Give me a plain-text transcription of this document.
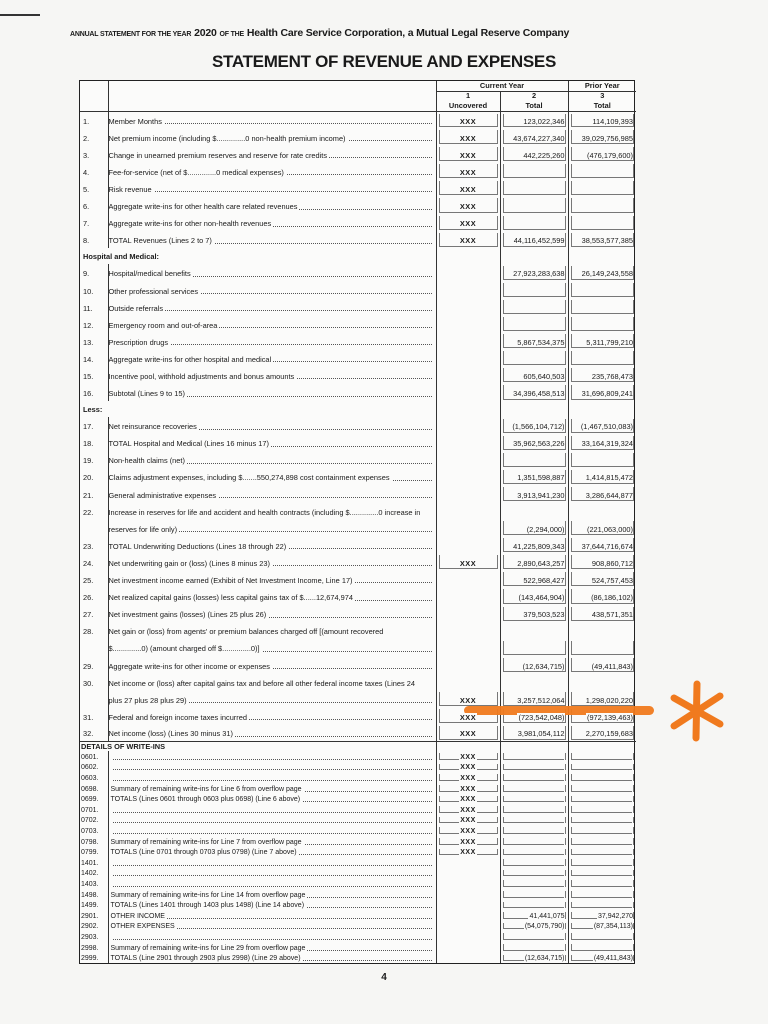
ANNUAL STATEMENT FOR THE YEAR 2020 OF THE Health Care Service Corporation, a Mutual Legal Reserve Company
STATEMENT OF REVENUE AND EXPENSES
		Current Year		Prior Year
		1	2	3
		Uncovered	Total	Total
1.	Member Months	XXX	123,022,346	114,109,393
2.	Net premium income (including $..............0 non-health premium income)	XXX	43,674,227,340	39,029,756,985
3.	Change in unearned premium reserves and reserve for rate credits	XXX	442,225,260	(476,179,600)
4.	Fee-for-service (net of $..............0 medical expenses)	XXX		
5.	Risk revenue	XXX		
6.	Aggregate write-ins for other health care related revenues	XXX		
7.	Aggregate write-ins for other non-health revenues	XXX		
8.	TOTAL Revenues (Lines 2 to 7)	XXX	44,116,452,599	38,553,577,385
Hospital and Medical:				
9.	Hospital/medical benefits		27,923,283,638	26,149,243,558
10.	Other professional services			
11.	Outside referrals			
12.	Emergency room and out-of-area			
13.	Prescription drugs		5,867,534,375	5,311,799,210
14.	Aggregate write-ins for other hospital and medical			
15.	Incentive pool, withhold adjustments and bonus amounts		605,640,503	235,768,473
16.	Subtotal (Lines 9 to 15)		34,396,458,513	31,696,809,241
Less:				
17.	Net reinsurance recoveries		(1,566,104,712)	(1,467,510,083)
18.	TOTAL Hospital and Medical (Lines 16 minus 17)		35,962,563,226	33,164,319,324
19.	Non-health claims (net)			
20.	Claims adjustment expenses, including $.......550,274,898 cost containment expenses		1,351,598,887	1,414,815,472
21.	General administrative expenses		3,913,941,230	3,286,644,877
22.	Increase in reserves for life and accident and health contracts (including $..............0 increase in			
	reserves for life only)		(2,294,000)	(221,063,000)
23.	TOTAL Underwriting Deductions (Lines 18 through 22)		41,225,809,343	37,644,716,674
24.	Net underwriting gain or (loss) (Lines 8 minus 23)	XXX	2,890,643,257	908,860,712
25.	Net investment income earned (Exhibit of Net Investment Income, Line 17)		522,968,427	524,757,453
26.	Net realized capital gains (losses) less capital gains tax of $......12,674,974		(143,464,904)	(86,186,102)
27.	Net investment gains (losses) (Lines 25 plus 26)		379,503,523	438,571,351
28.	Net gain or (loss) from agents' or premium balances charged off [(amount recovered			
	$..............0) (amount charged off $..............0)]			
29.	Aggregate write-ins for other income or expenses		(12,634,715)	(49,411,843)
30.	Net income or (loss) after capital gains tax and before all other federal income taxes (Lines 24			
	plus 27 plus 28 plus 29)	XXX	3,257,512,064	1,298,020,220
31.	Federal and foreign income taxes incurred	XXX	(723,542,048)	(972,139,463)
32.	Net income (loss) (Lines 30 minus 31)	XXX	3,981,054,112	2,270,159,683
DETAILS OF WRITE-INS				
0601.		XXX		
0602.		XXX		
0603.		XXX		
0698.	Summary of remaining write-ins for Line 6 from overflow page	XXX		
0699.	TOTALS (Lines 0601 through 0603 plus 0698) (Line 6 above)	XXX		
0701.		XXX		
0702.		XXX		
0703.		XXX		
0798.	Summary of remaining write-ins for Line 7 from overflow page	XXX		
0799.	TOTALS (Line 0701 through 0703 plus 0798) (Line 7 above)	XXX		
1401.				
1402.				
1403.				
1498.	Summary of remaining write-ins for Line 14 from overflow page			
1499.	TOTALS (Lines 1401 through 1403 plus 1498) (Line 14 above)			
2901.	OTHER INCOME		41,441,075	37,942,270
2902.	OTHER EXPENSES		(54,075,790)	(87,354,113)
2903.				
2998.	Summary of remaining write-ins for Line 29 from overflow page			
2999.	TOTALS (Line 2901 through 2903 plus 2998) (Line 29 above)		(12,634,715)	(49,411,843)
4
